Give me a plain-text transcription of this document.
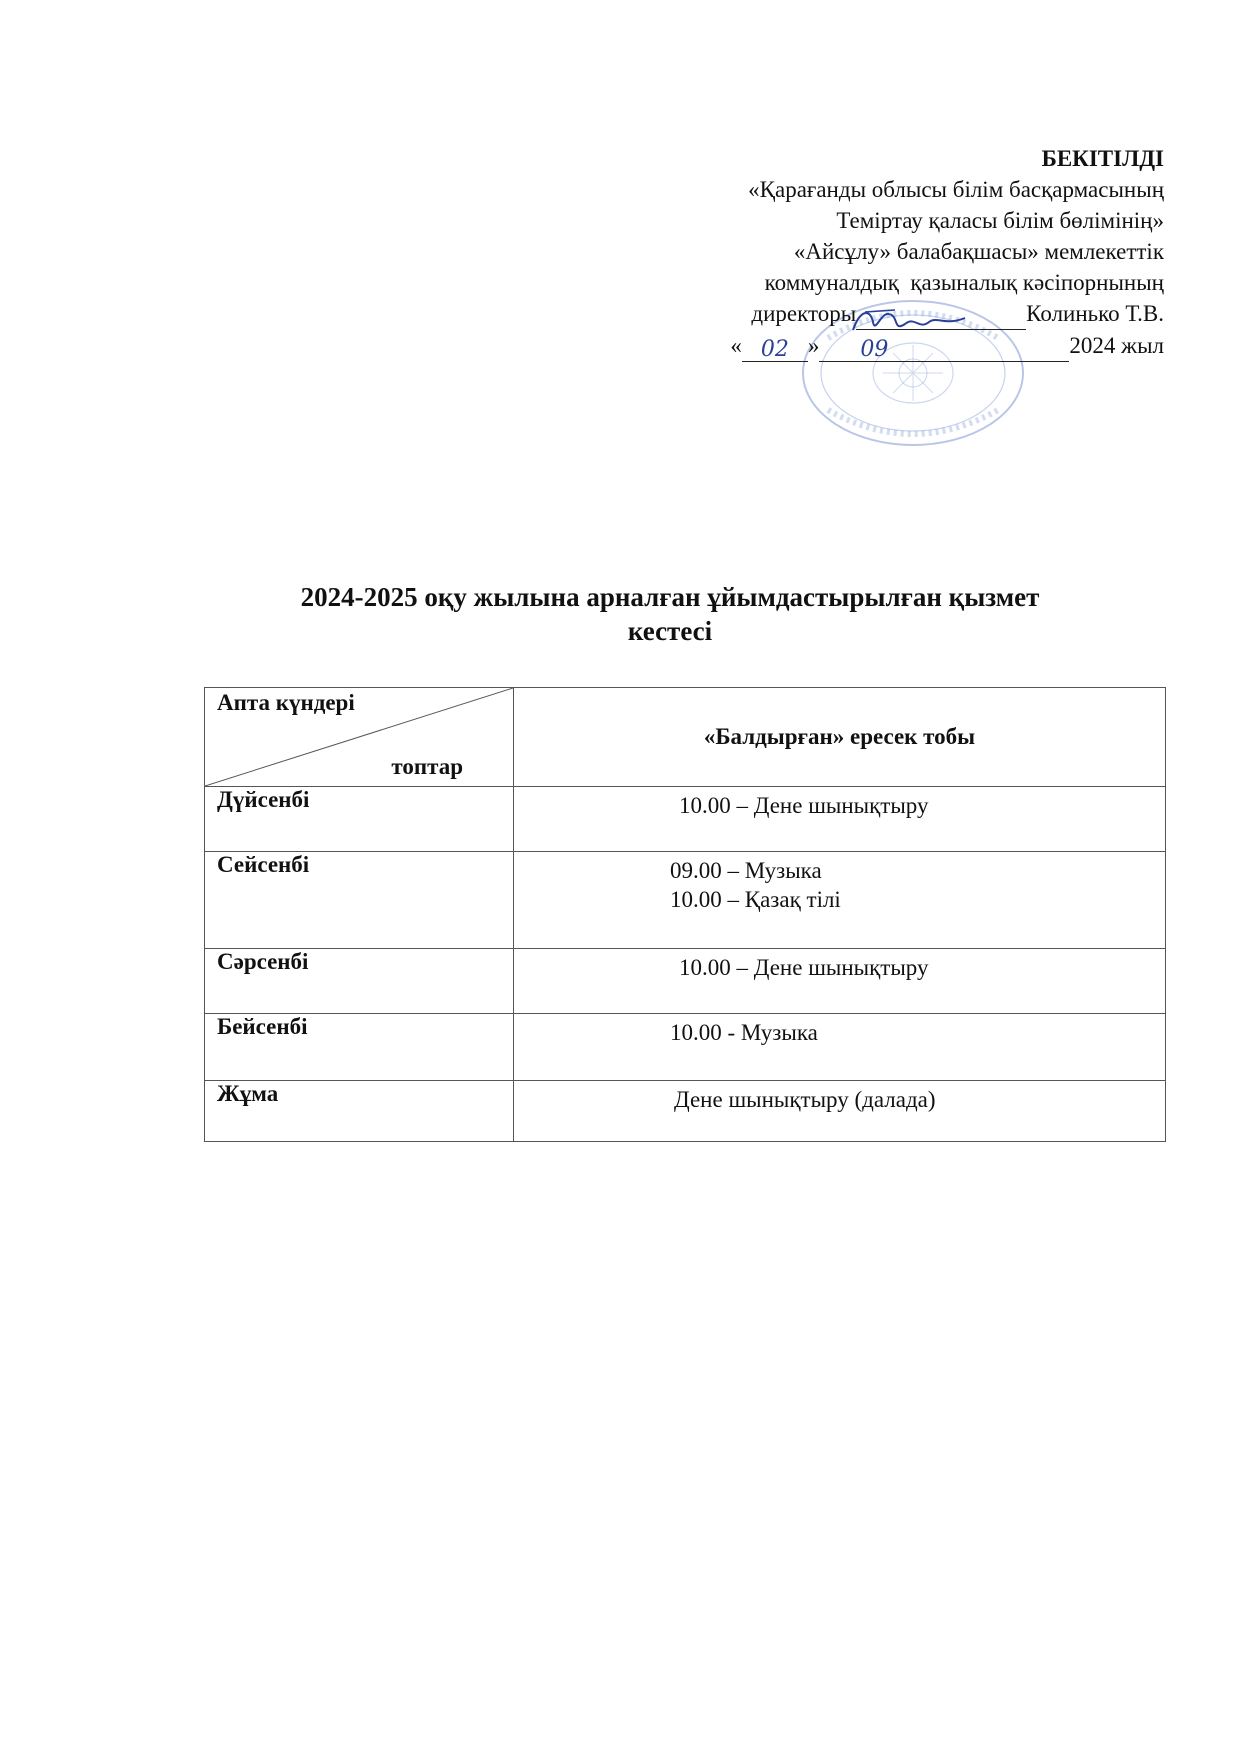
БЕКІТІЛДІ
«Қарағанды облысы білім басқармасының
Теміртау қаласы білім бөлімінің»
«Айсұлу» балабақшасы» мемлекеттік
коммуналдық  қазыналық кәсіпорнының
директоры	Колинько Т.В.
« 02 »	09	2024 жыл
2024-2025 оқу жылына арналған ұйымдастырылған қызмет
кестесі
Апта күндері
топтар	«Балдырған» ересек тобы
Дүйсенбі	10.00 – Дене шынықтыру

Сейсенбі	09.00 – Музыка
10.00 – Қазақ тілі

Сәрсенбі	10.00 – Дене шынықтыру

Бейсенбі	10.00 - Музыка

Жұма	Дене шынықтыру (далада)
